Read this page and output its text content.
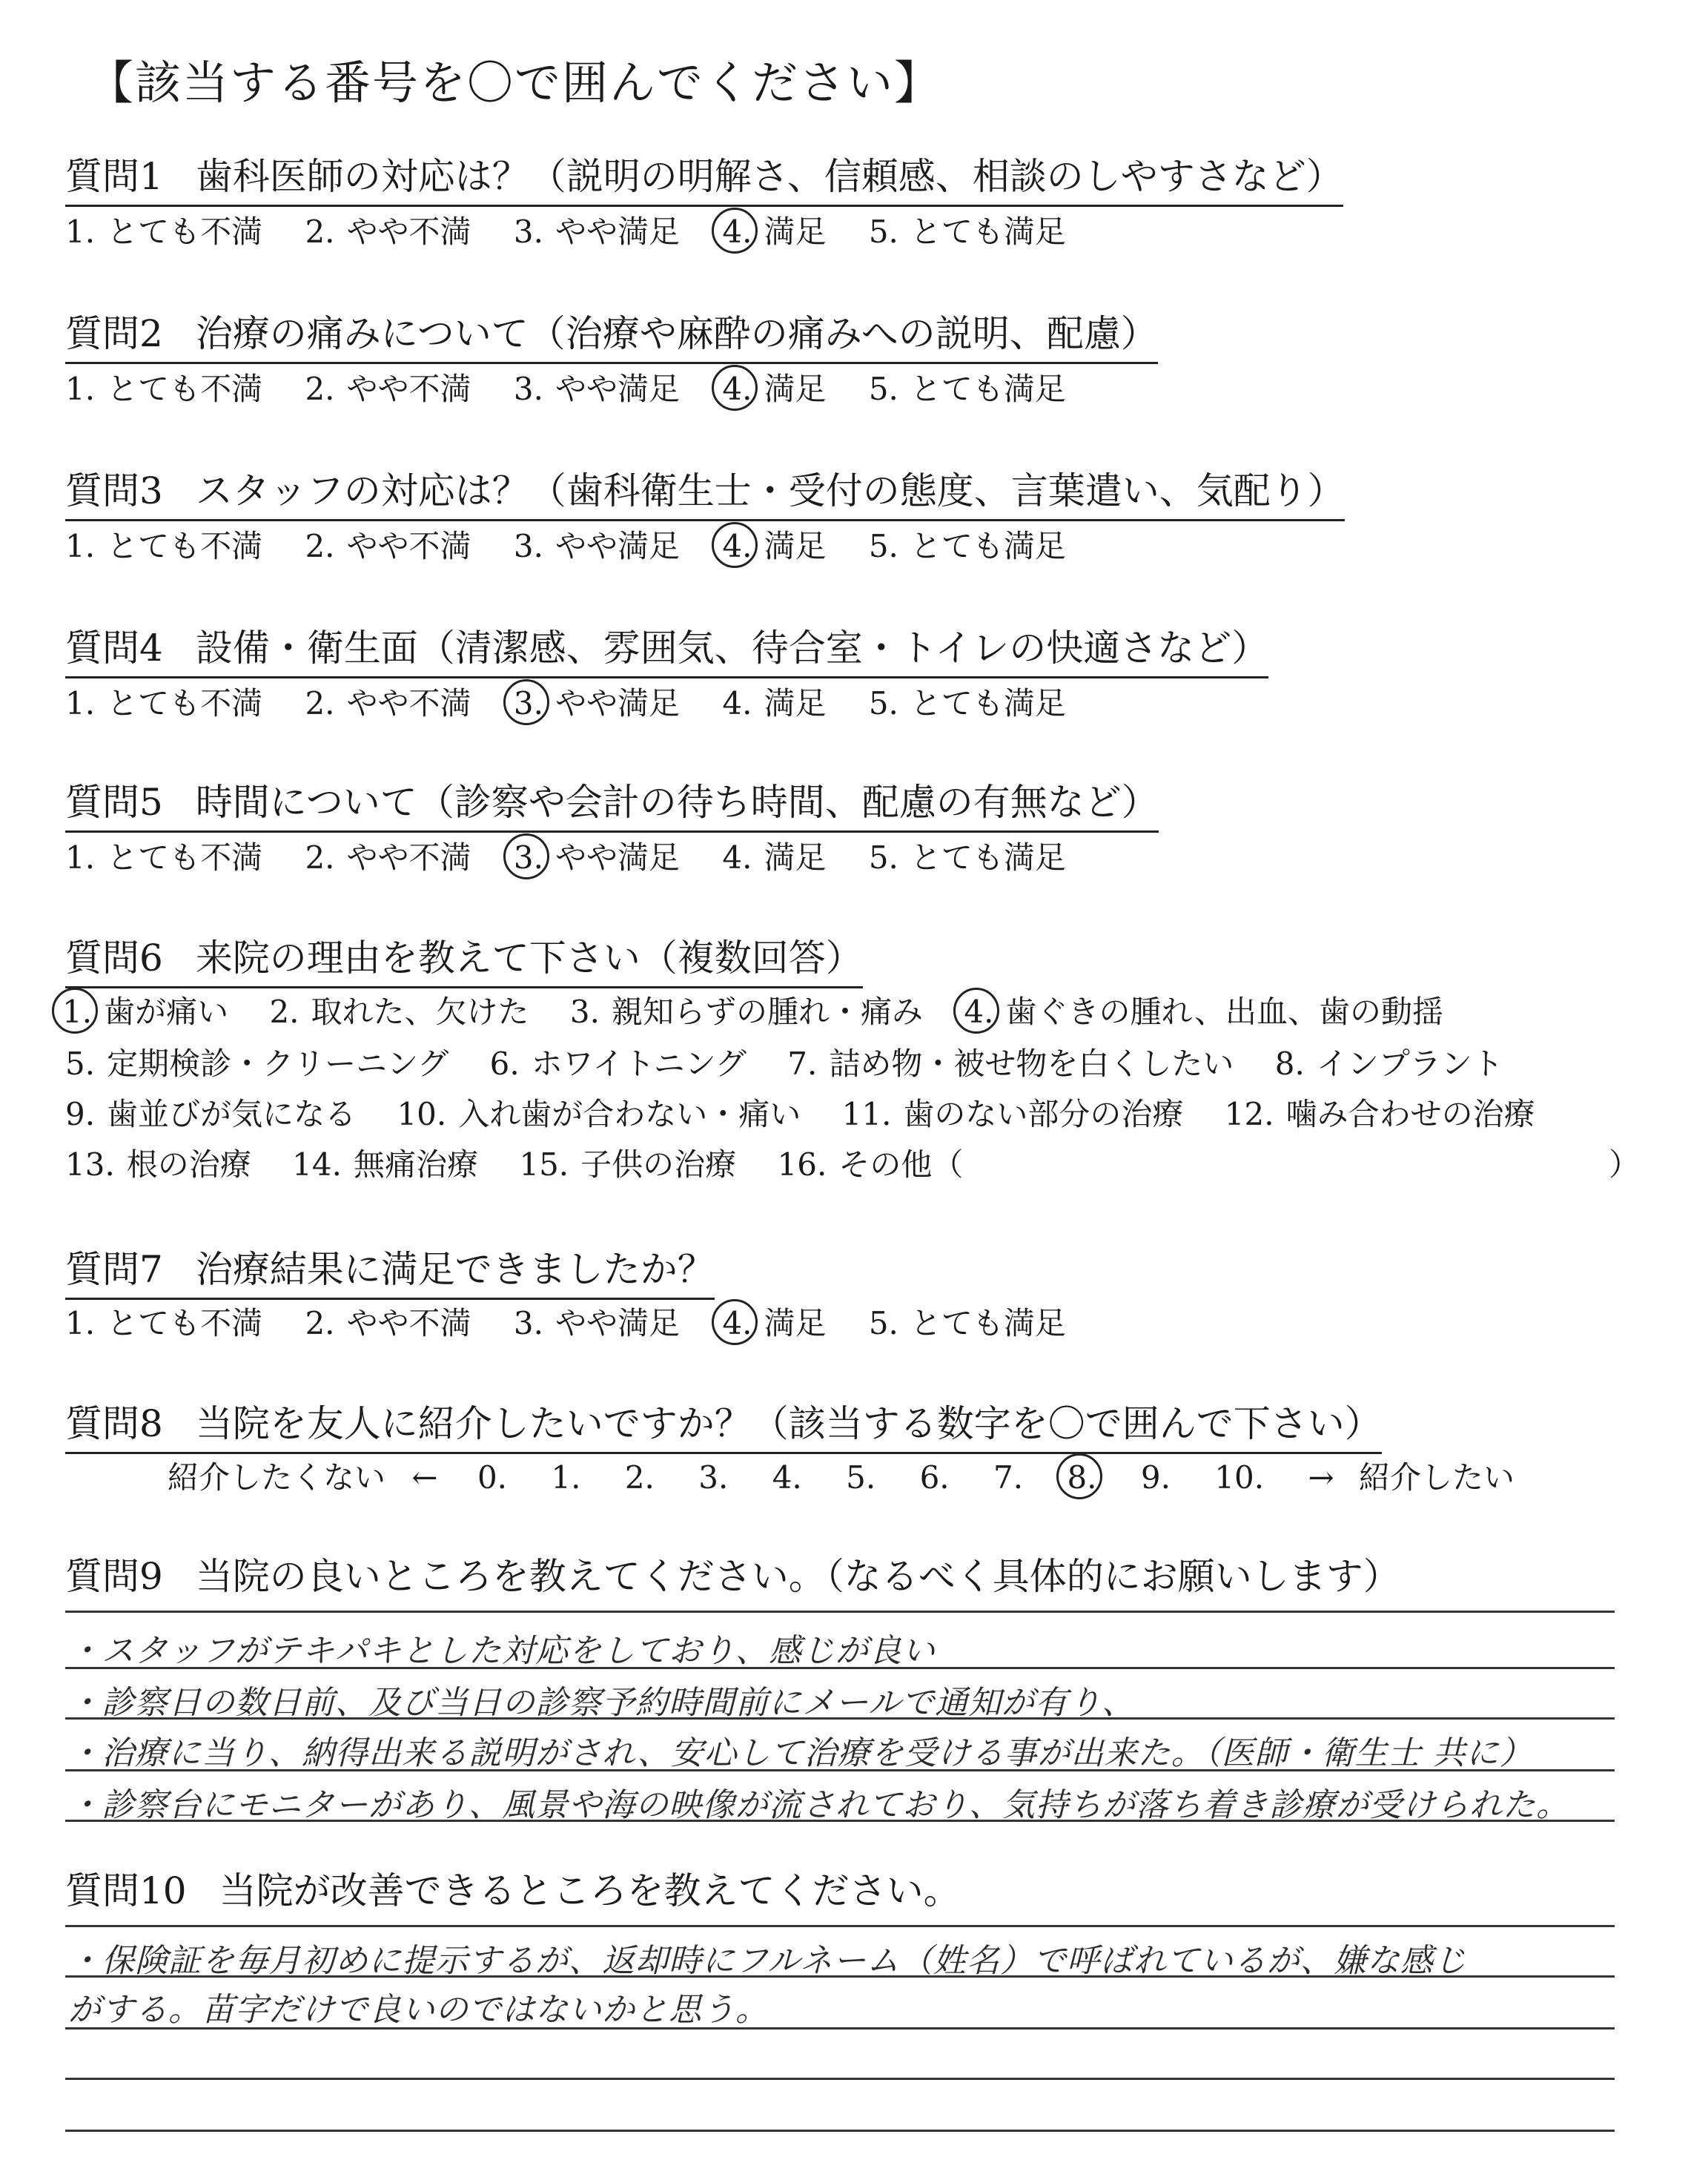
【該当する番号を〇で囲んでください】
質問1 歯科医師の対応は？（説明の明解さ、信頼感、相談のしやすさなど）
1. とても不満 2. やや不満 3. やや満足 4. 満足 5. とても満足
質問2 治療の痛みについて（治療や麻酔の痛みへの説明、配慮）
1. とても不満 2. やや不満 3. やや満足 4. 満足 5. とても満足
質問3 スタッフの対応は？（歯科衛生士・受付の態度、言葉遣い、気配り）
1. とても不満 2. やや不満 3. やや満足 4. 満足 5. とても満足
質問4 設備・衛生面（清潔感、雰囲気、待合室・トイレの快適さなど）
1. とても不満 2. やや不満 3. やや満足 4. 満足 5. とても満足
質問5 時間について（診察や会計の待ち時間、配慮の有無など）
1. とても不満 2. やや不満 3. やや満足 4. 満足 5. とても満足
質問6 来院の理由を教えて下さい（複数回答）
1. 歯が痛い 2. 取れた、欠けた 3. 親知らずの腫れ・痛み 4. 歯ぐきの腫れ、出血、歯の動揺
5. 定期検診・クリーニング 6. ホワイトニング 7. 詰め物・被せ物を白くしたい 8. インプラント
9. 歯並びが気になる 10. 入れ歯が合わない・痛い 11. 歯のない部分の治療 12. 噛み合わせの治療
13. 根の治療 14. 無痛治療 15. 子供の治療 16. その他（	）
質問7 治療結果に満足できましたか？
1. とても不満 2. やや不満 3. やや満足 4. 満足 5. とても満足
質問8 当院を友人に紹介したいですか？（該当する数字を〇で囲んで下さい）
紹介したくない ← 0. 1. 2. 3. 4. 5. 6. 7. 8. 9. 10. → 紹介したい
質問9 当院の良いところを教えてください。（なるべく具体的にお願いします）
・スタッフがテキパキとした対応をしており、感じが良い
・診察日の数日前、及び当日の診察予約時間前にメールで通知が有り、
・治療に当り、納得出来る説明がされ、安心して治療を受ける事が出来た。（医師・衛生士 共に）
・診察台にモニターがあり、風景や海の映像が流されており、気持ちが落ち着き診療が受けられた。
質問10 当院が改善できるところを教えてください。
・保険証を毎月初めに提示するが、返却時にフルネーム（姓名）で呼ばれているが、嫌な感じ
がする。苗字だけで良いのではないかと思う。
